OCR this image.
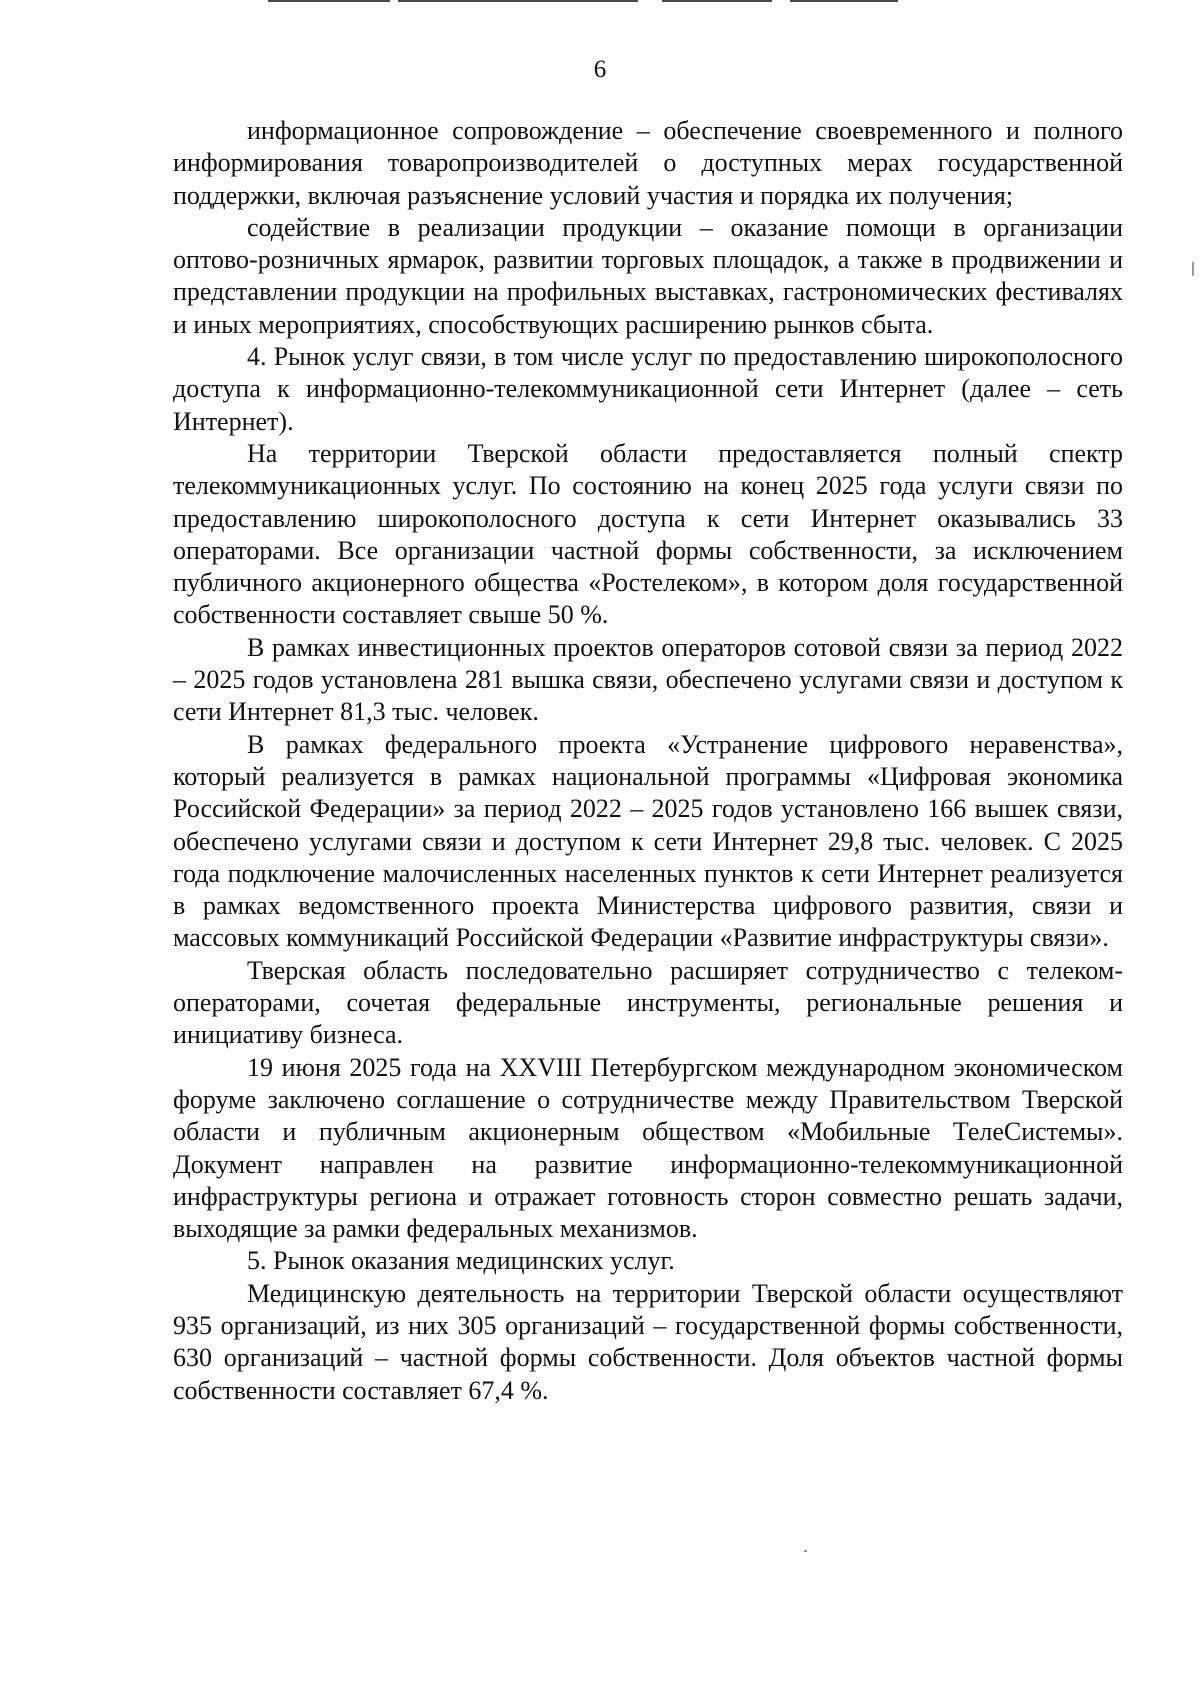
6

информационное сопровождение – обеспечение своевременного и полного информирования товаропроизводителей о доступных мерах государственной поддержки, включая разъяснение условий участия и порядка их получения;

содействие в реализации продукции – оказание помощи в организации оптово-розничных ярмарок, развитии торговых площадок, а также в продвижении и представлении продукции на профильных выставках, гастрономических фестивалях и иных мероприятиях, способствующих расширению рынков сбыта.

4. Рынок услуг связи, в том числе услуг по предоставлению широкополосного доступа к информационно-телекоммуникационной сети Интернет (далее – сеть Интернет).

На территории Тверской области предоставляется полный спектр телекоммуникационных услуг. По состоянию на конец 2025 года услуги связи по предоставлению широкополосного доступа к сети Интернет оказывались 33 операторами. Все организации частной формы собственности, за исключением публичного акционерного общества «Ростелеком», в котором доля государственной собственности составляет свыше 50 %.

В рамках инвестиционных проектов операторов сотовой связи за период 2022 – 2025 годов установлена 281 вышка связи, обеспечено услугами связи и доступом к сети Интернет 81,3 тыс. человек.

В рамках федерального проекта «Устранение цифрового неравенства», который реализуется в рамках национальной программы «Цифровая экономика Российской Федерации» за период 2022 – 2025 годов установлено 166 вышек связи, обеспечено услугами связи и доступом к сети Интернет 29,8 тыс. человек. С 2025 года подключение малочисленных населенных пунктов к сети Интернет реализуется в рамках ведомственного проекта Министерства цифрового развития, связи и массовых коммуникаций Российской Федерации «Развитие инфраструктуры связи».

Тверская область последовательно расширяет сотрудничество с телеком-операторами, сочетая федеральные инструменты, региональные решения и инициативу бизнеса.

19 июня 2025 года на XXVIII Петербургском международном экономическом форуме заключено соглашение о сотрудничестве между Правительством Тверской области и публичным акционерным обществом «Мобильные ТелеСистемы». Документ направлен на развитие информационно-телекоммуникационной инфраструктуры региона и отражает готовность сторон совместно решать задачи, выходящие за рамки федеральных механизмов.

5. Рынок оказания медицинских услуг.

Медицинскую деятельность на территории Тверской области осуществляют 935 организаций, из них 305 организаций – государственной формы собственности, 630 организаций – частной формы собственности. Доля объектов частной формы собственности составляет 67,4 %.
